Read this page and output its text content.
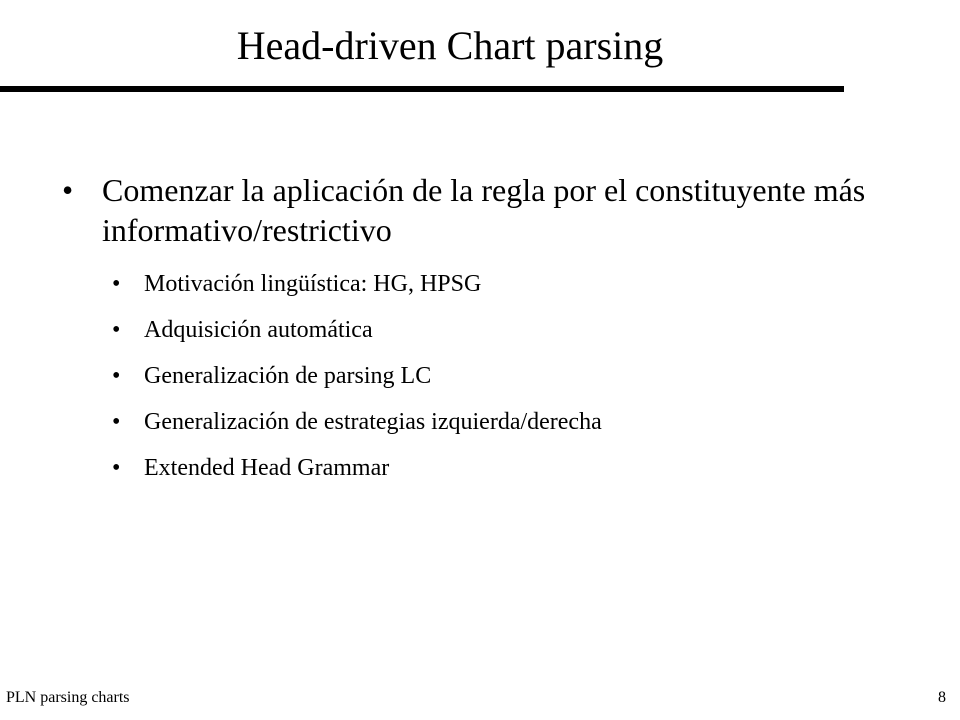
Head-driven Chart parsing
• Comenzar la aplicación de la regla por el constituyente más informativo/restrictivo
• Motivación lingüística: HG, HPSG
• Adquisición automática
• Generalización de parsing LC
• Generalización de estrategias izquierda/derecha
• Extended Head Grammar
PLN parsing charts	8
